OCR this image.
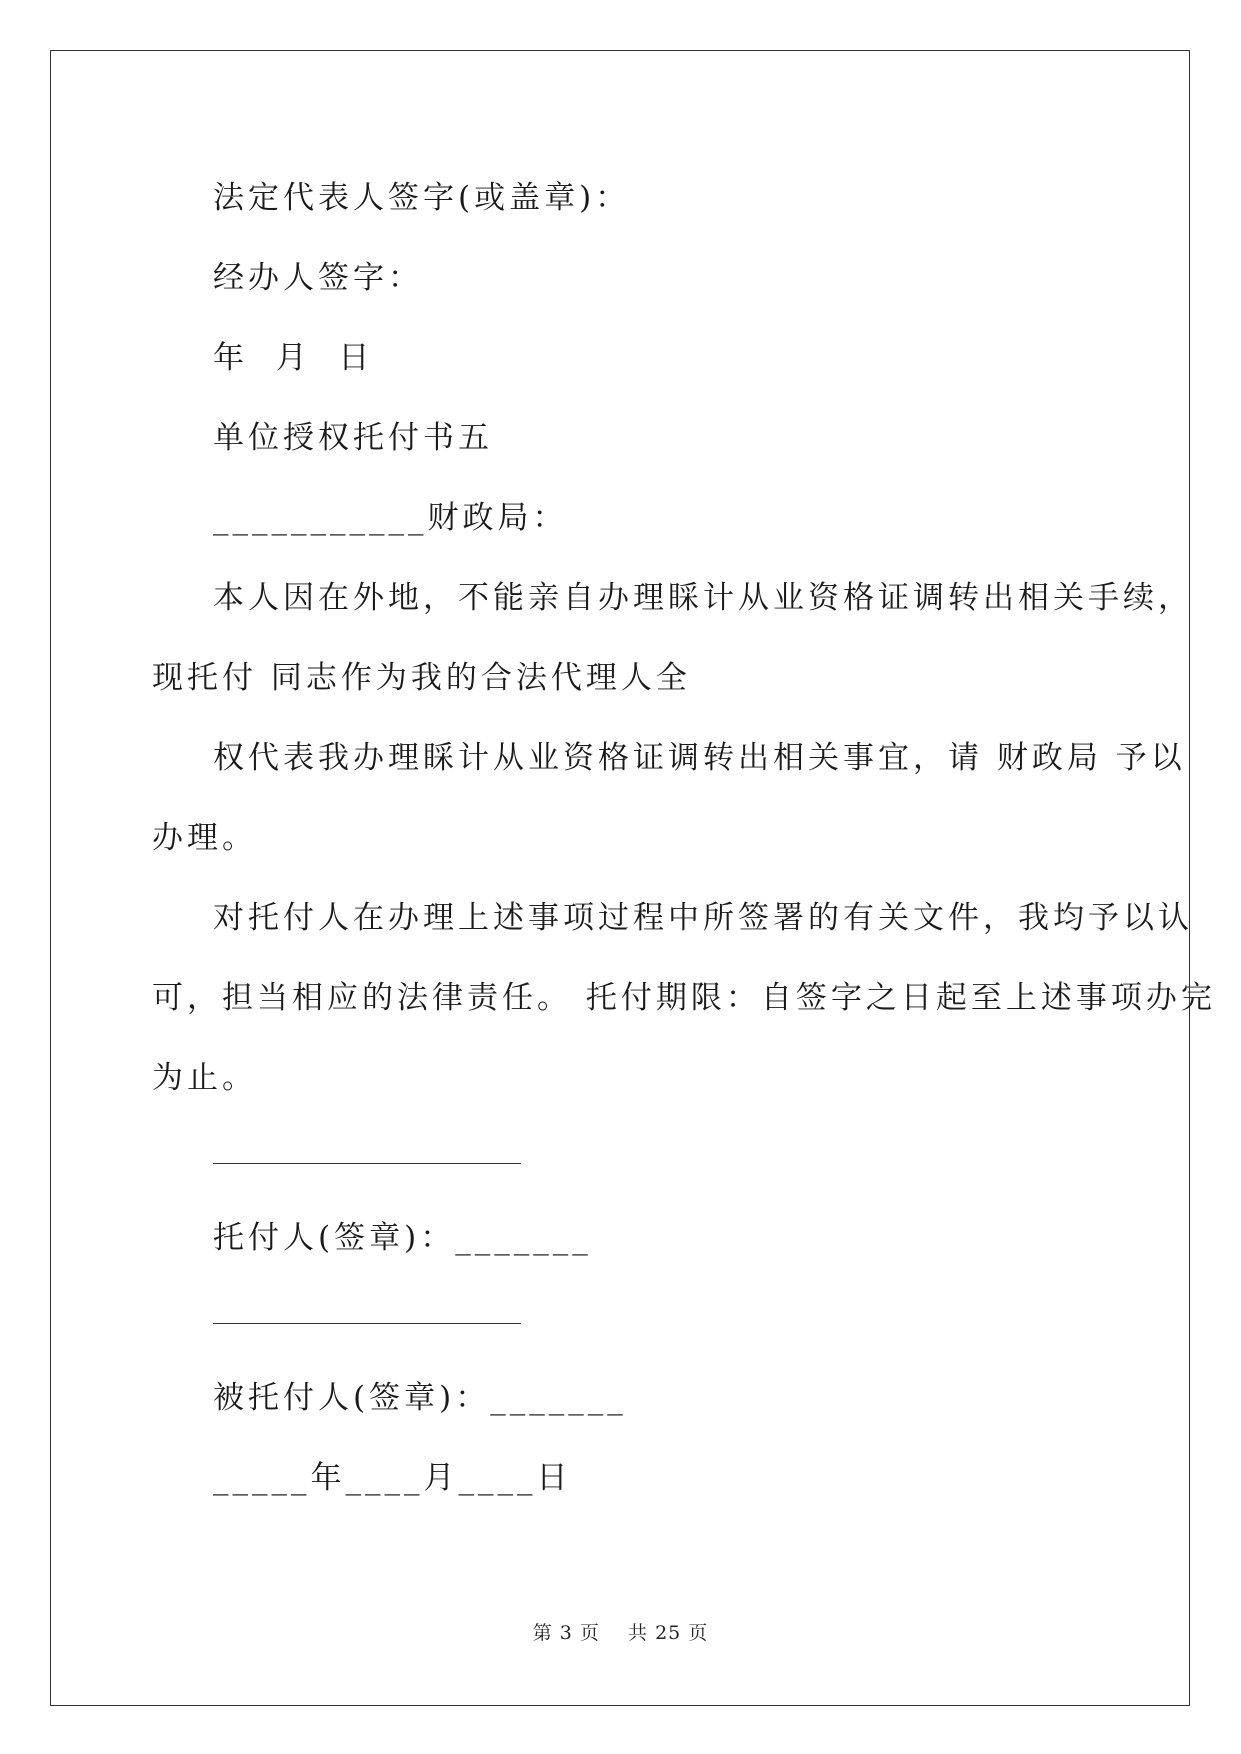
法定代表人签字(或盖章)：

经办人签字：

年  月  日

单位授权托付书五

___________财政局：

本人因在外地，不能亲自办理睬计从业资格证调转出相关手续，

现托付 同志作为我的合法代理人全

权代表我办理睬计从业资格证调转出相关事宜，请 财政局 予以

办理。

对托付人在办理上述事项过程中所签署的有关文件，我均予以认

可，担当相应的法律责任。 托付期限：自签字之日起至上述事项办完

为止。

托付人(签章)：_______

被托付人(签章)：_______

_____年____月____日

第 3 页    共 25 页
